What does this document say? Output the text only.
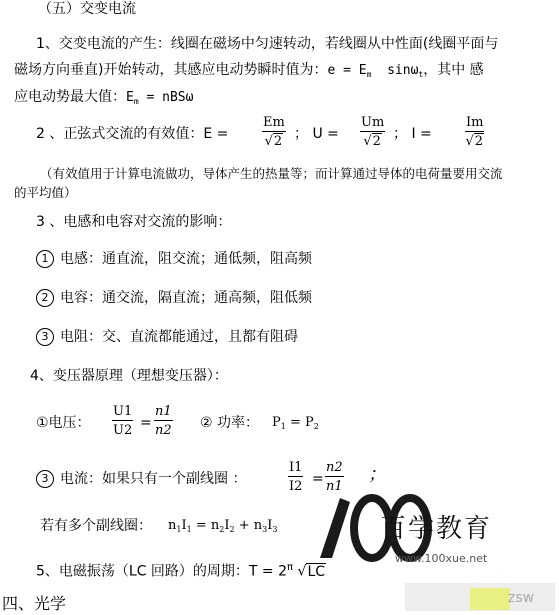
（五）交变电流
1、交变电流的产生：线圈在磁场中匀速转动，若线圈从中性面(线圈平面与
磁场方向垂直)开始转动，其感应电动势瞬时值为：$e = E_m$ sinω$_t$，其中 感
应电动势最大值：$E_m = nBS\omega$
2 、正弦式交流的有效值：E =
Em
√2 ； U =
Um
√2 ； I =
Im
√2
（有效值用于计算电流做功，导体产生的热量等；而计算通过导体的电荷量要用交流
的平均值）
3 、电感和电容对交流的影响：
1 电感：通直流，阻交流；通低频，阻高频
2 电容：通交流，隔直流；通高频，阻低频
3 电阻：交、直流都能通过，且都有阻碍
4、变压器原理（理想变压器）：
①电压：
U1
U2 =
n1
n2 ② 功率： $P_1 = P_2$
3 电流：如果只有一个副线圈 ：
I1
I2 =
n2
n1
；
若有多个副线圈： $n_1I_1 = n_2I_2 + n_3I_3$
5、电磁振荡（LC 回路）的周期：$T = 2^\pi$ √LC
四、光学
百学教育
www.100xue.net
zsw
